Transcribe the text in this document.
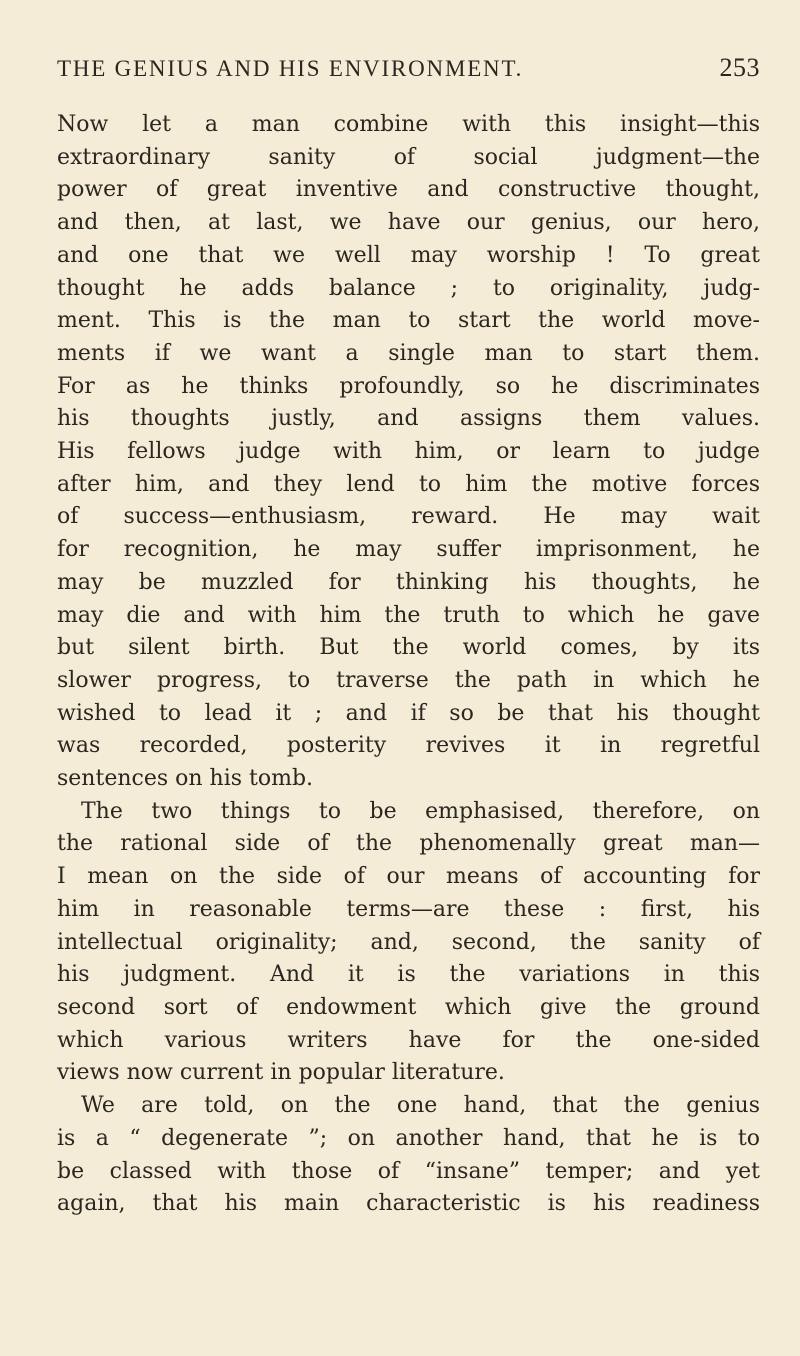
THE GENIUS AND HIS ENVIRONMENT.	253

Now let a man combine with this insight—this

extraordinary sanity of social judgment—the

power of great inventive and constructive thought,

and then, at last, we have our genius, our hero,

and one that we well may worship ! To great

thought he adds balance ; to originality, judg-

ment. This is the man to start the world move-

ments if we want a single man to start them.

For as he thinks profoundly, so he discriminates

his thoughts justly, and assigns them values.

His fellows judge with him, or learn to judge

after him, and they lend to him the motive forces

of success—enthusiasm, reward. He may wait

for recognition, he may suffer imprisonment, he

may be muzzled for thinking his thoughts, he

may die and with him the truth to which he gave

but silent birth. But the world comes, by its

slower progress, to traverse the path in which he

wished to lead it ; and if so be that his thought

was recorded, posterity revives it in regretful

sentences on his tomb.

The two things to be emphasised, therefore, on

the rational side of the phenomenally great man—

I mean on the side of our means of accounting for

him in reasonable terms—are these : first, his

intellectual originality; and, second, the sanity of

his judgment. And it is the variations in this

second sort of endowment which give the ground

which various writers have for the one-sided

views now current in popular literature.

We are told, on the one hand, that the genius

is a “ degenerate ”; on another hand, that he is to

be classed with those of “insane” temper; and yet

again, that his main characteristic is his readiness
